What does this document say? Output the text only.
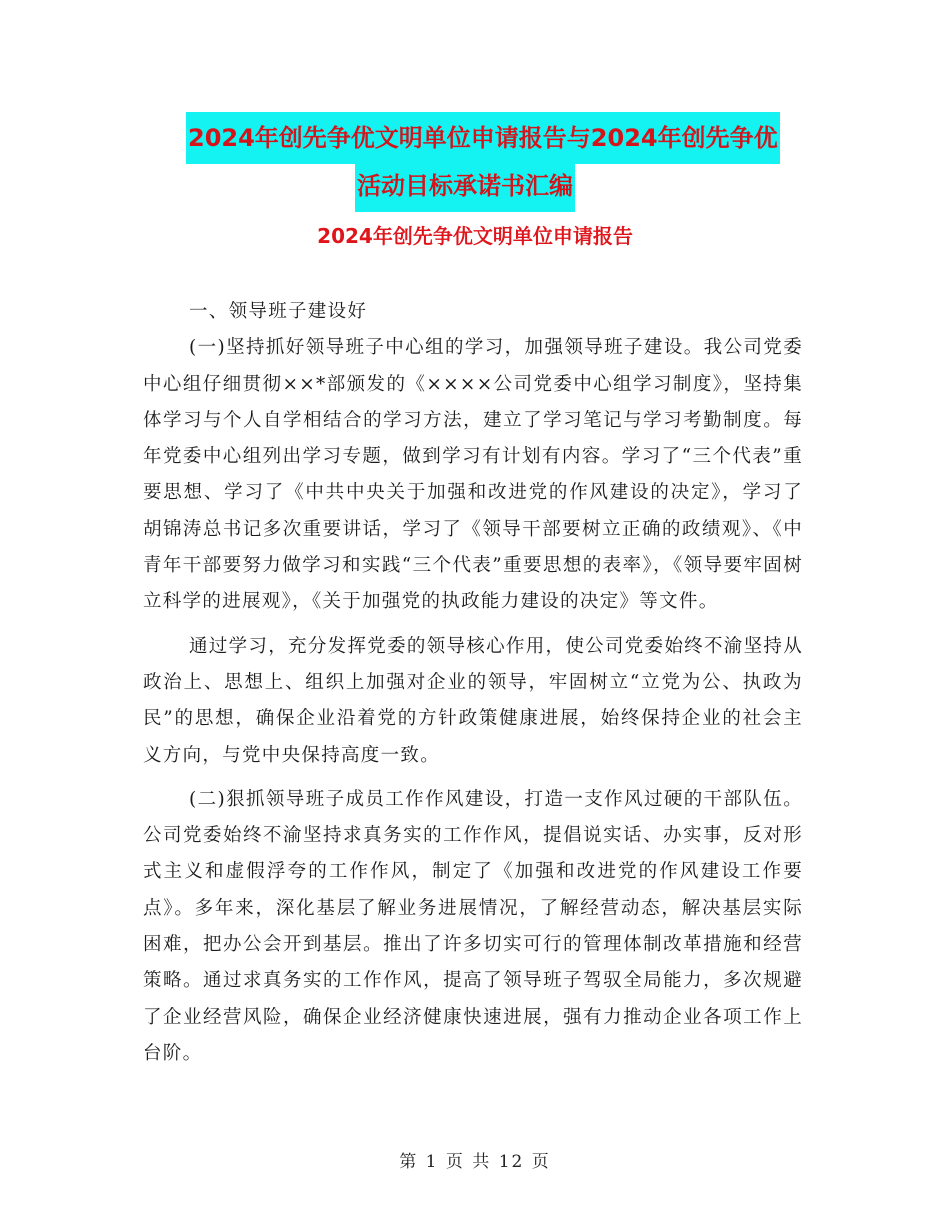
2024年创先争优文明单位申请报告与2024年创先争优
活动目标承诺书汇编
2024年创先争优文明单位申请报告

一、领导班子建设好

(一)坚持抓好领导班子中心组的学习，加强领导班子建设。我公司党委中心组仔细贯彻××*部颁发的《××××公司党委中心组学习制度》，坚持集体学习与个人自学相结合的学习方法，建立了学习笔记与学习考勤制度。每年党委中心组列出学习专题，做到学习有计划有内容。学习了“三个代表”重要思想、学习了《中共中央关于加强和改进党的作风建设的决定》，学习了胡锦涛总书记多次重要讲话，学习了《领导干部要树立正确的政绩观》、《中青年干部要努力做学习和实践“三个代表”重要思想的表率》，《领导要牢固树立科学的进展观》，《关于加强党的执政能力建设的决定》等文件。

通过学习，充分发挥党委的领导核心作用，使公司党委始终不渝坚持从政治上、思想上、组织上加强对企业的领导，牢固树立“立党为公、执政为民”的思想，确保企业沿着党的方针政策健康进展，始终保持企业的社会主义方向，与党中央保持高度一致。

(二)狠抓领导班子成员工作作风建设，打造一支作风过硬的干部队伍。公司党委始终不渝坚持求真务实的工作作风，提倡说实话、办实事，反对形式主义和虚假浮夸的工作作风，制定了《加强和改进党的作风建设工作要点》。多年来，深化基层了解业务进展情况，了解经营动态，解决基层实际困难，把办公会开到基层。推出了许多切实可行的管理体制改革措施和经营策略。通过求真务实的工作作风，提高了领导班子驾驭全局能力，多次规避了企业经营风险，确保企业经济健康快速进展，强有力推动企业各项工作上台阶。

第 1 页 共 12 页
